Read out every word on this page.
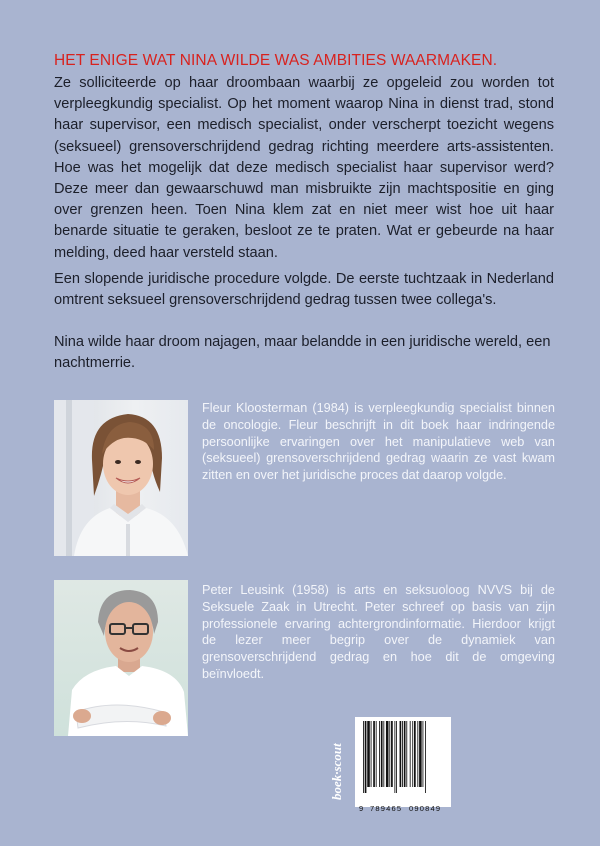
HET ENIGE WAT NINA WILDE WAS AMBITIES WAARMAKEN.

Ze solliciteerde op haar droombaan waarbij ze opgeleid zou worden tot verpleegkundig specialist. Op het moment waarop Nina in dienst trad, stond haar supervisor, een medisch specialist, onder verscherpt toezicht wegens (seksueel) grensoverschrijdend gedrag richting meerdere arts-assistenten. Hoe was het mogelijk dat deze medisch specialist haar supervisor werd? Deze meer dan gewaarschuwd man misbruikte zijn machtspositie en ging over grenzen heen. Toen Nina klem zat en niet meer wist hoe uit haar benarde situatie te geraken, besloot ze te praten. Wat er gebeurde na haar melding, deed haar versteld staan.

Een slopende juridische procedure volgde. De eerste tuchtzaak in Nederland omtrent seksueel grensoverschrijdend gedrag tussen twee collega's.

Nina wilde haar droom najagen, maar belandde in een juridische wereld, een nachtmerrie.

Fleur Kloosterman (1984) is verpleegkundig specialist binnen de oncologie. Fleur beschrijft in dit boek haar indringende persoonlijke ervaringen over het manipulatieve web van (seksueel) grensoverschrijdend gedrag waarin ze vast kwam zitten en over het juridische proces dat daarop volgde.

Peter Leusink (1958) is arts en seksuoloog NVVS bij de Seksuele Zaak in Utrecht. Peter schreef op basis van zijn professionele ervaring achtergrondinformatie. Hierdoor krijgt de lezer meer begrip over de dynamiek van grensoverschrijdend gedrag en hoe dit de omgeving beïnvloedt.

boek·scout
9 789465 090849
